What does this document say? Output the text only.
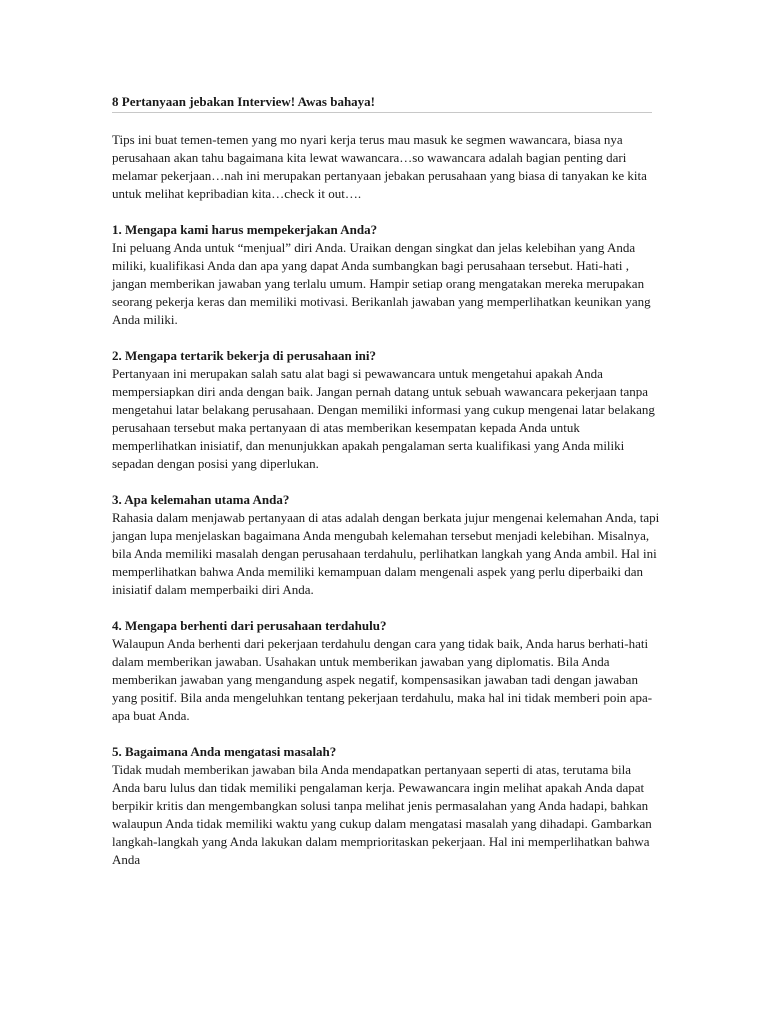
8 Pertanyaan jebakan Interview! Awas bahaya!

Tips ini buat temen-temen yang mo nyari kerja terus mau masuk ke segmen wawancara, biasa nya perusahaan akan tahu bagaimana kita lewat wawancara…so wawancara adalah bagian penting dari melamar pekerjaan…nah ini merupakan pertanyaan jebakan perusahaan yang biasa di tanyakan ke kita untuk melihat kepribadian kita…check it out….

1. Mengapa kami harus mempekerjakan Anda?

Ini peluang Anda untuk “menjual” diri Anda. Uraikan dengan singkat dan jelas kelebihan yang Anda miliki, kualifikasi Anda dan apa yang dapat Anda sumbangkan bagi perusahaan tersebut. Hati-hati , jangan memberikan jawaban yang terlalu umum. Hampir setiap orang mengatakan mereka merupakan seorang pekerja keras dan memiliki motivasi. Berikanlah jawaban yang memperlihatkan keunikan yang Anda miliki.

2. Mengapa tertarik bekerja di perusahaan ini?

Pertanyaan ini merupakan salah satu alat bagi si pewawancara untuk mengetahui apakah Anda mempersiapkan diri anda dengan baik. Jangan pernah datang untuk sebuah wawancara pekerjaan tanpa mengetahui latar belakang perusahaan. Dengan memiliki informasi yang cukup mengenai latar belakang perusahaan tersebut maka pertanyaan di atas memberikan kesempatan kepada Anda untuk memperlihatkan inisiatif, dan menunjukkan apakah pengalaman serta kualifikasi yang Anda miliki sepadan dengan posisi yang diperlukan.

3. Apa kelemahan utama Anda?

Rahasia dalam menjawab pertanyaan di atas adalah dengan berkata jujur mengenai kelemahan Anda, tapi jangan lupa menjelaskan bagaimana Anda mengubah kelemahan tersebut menjadi kelebihan. Misalnya, bila Anda memiliki masalah dengan perusahaan terdahulu, perlihatkan langkah yang Anda ambil. Hal ini memperlihatkan bahwa Anda memiliki kemampuan dalam mengenali aspek yang perlu diperbaiki dan inisiatif dalam memperbaiki diri Anda.

4. Mengapa berhenti dari perusahaan terdahulu?

Walaupun Anda berhenti dari pekerjaan terdahulu dengan cara yang tidak baik, Anda harus berhati-hati dalam memberikan jawaban. Usahakan untuk memberikan jawaban yang diplomatis. Bila Anda memberikan jawaban yang mengandung aspek negatif, kompensasikan jawaban tadi dengan jawaban yang positif. Bila anda mengeluhkan tentang pekerjaan terdahulu, maka hal ini tidak memberi poin apa-apa buat Anda.

5. Bagaimana Anda mengatasi masalah?

Tidak mudah memberikan jawaban bila Anda mendapatkan pertanyaan seperti di atas, terutama bila Anda baru lulus dan tidak memiliki pengalaman kerja. Pewawancara ingin melihat apakah Anda dapat berpikir kritis dan mengembangkan solusi tanpa melihat jenis permasalahan yang Anda hadapi, bahkan walaupun Anda tidak memiliki waktu yang cukup dalam mengatasi masalah yang dihadapi. Gambarkan langkah-langkah yang Anda lakukan dalam memprioritaskan pekerjaan. Hal ini memperlihatkan bahwa Anda
